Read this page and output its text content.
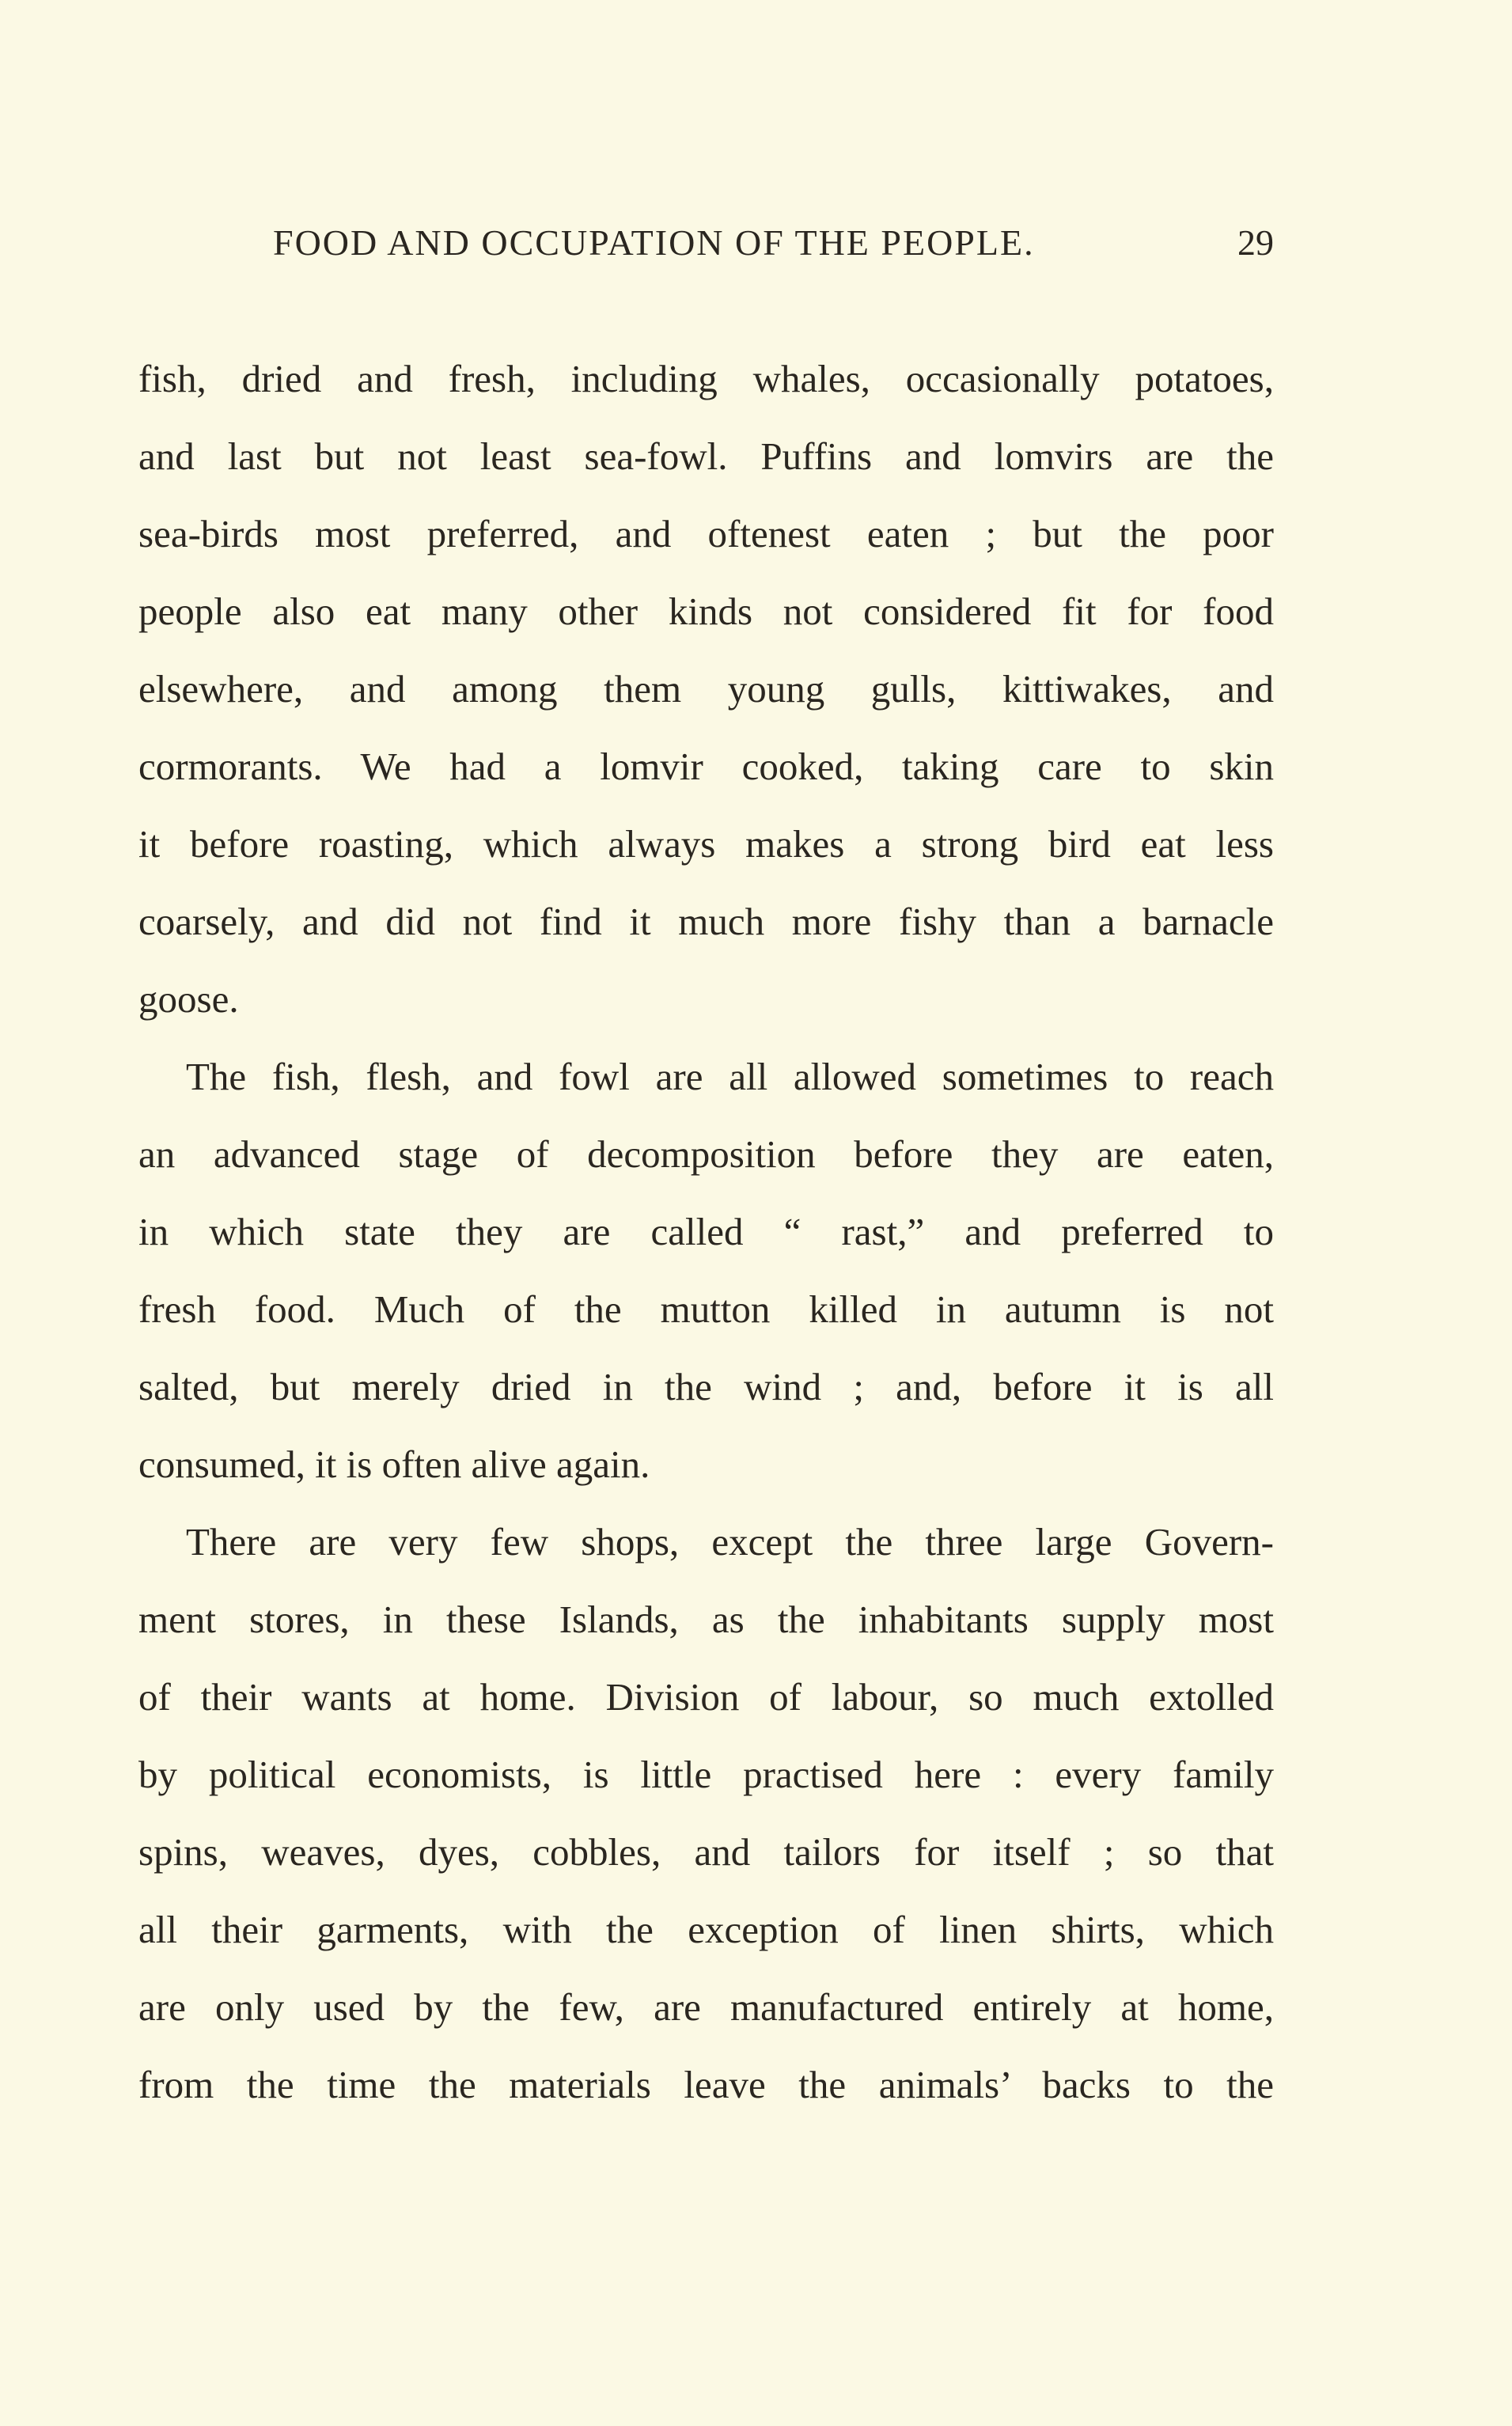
FOOD AND OCCUPATION OF THE PEOPLE.	29
fish, dried and fresh, including whales, occasionally potatoes,
and last but not least sea-fowl. Puffins and lomvirs are the
sea-birds most preferred, and oftenest eaten ; but the poor
people also eat many other kinds not considered fit for food
elsewhere, and among them young gulls, kittiwakes, and
cormorants. We had a lomvir cooked, taking care to skin
it before roasting, which always makes a strong bird eat less
coarsely, and did not find it much more fishy than a barnacle
goose.
The fish, flesh, and fowl are all allowed sometimes to reach
an advanced stage of decomposition before they are eaten,
in which state they are called “ rast,” and preferred to
fresh food. Much of the mutton killed in autumn is not
salted, but merely dried in the wind ; and, before it is all
consumed, it is often alive again.
There are very few shops, except the three large Govern-
ment stores, in these Islands, as the inhabitants supply most
of their wants at home. Division of labour, so much extolled
by political economists, is little practised here : every family
spins, weaves, dyes, cobbles, and tailors for itself ; so that
all their garments, with the exception of linen shirts, which
are only used by the few, are manufactured entirely at home,
from the time the materials leave the animals’ backs to the
